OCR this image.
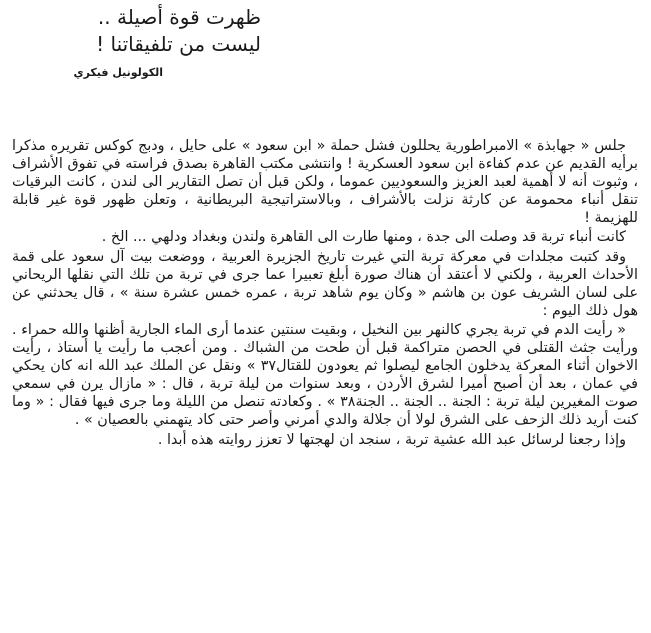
ظهرت قوة أصيلة ..
ليست من تلفيقاتنا !
الكولونيل فيكري

جلس « جهابذة » الامبراطورية يحللون فشل حملة « ابن سعود » على حايل ، ودبج كوكس تقريره مذكرا برأيه القديم عن عدم كفاءة ابن سعود العسكرية ! وانتشى مكتب القاهرة بصدق فراسته في تفوق الأشراف ، وثبوت أنه لا أهمية لعبد العزيز والسعوديين عموما ، ولكن قبل أن تصل التقارير الى لندن ، كانت البرقيات تنقل أنباء محمومة عن كارثة نزلت بالأشراف ، وبالاستراتيجية البريطانية ، وتعلن ظهور قوة غير قابلة للهزيمة !

كانت أنباء تربة قد وصلت الى جدة ، ومنها طارت الى القاهرة ولندن وبغداد ودلهي ... الخ .

وقد كتبت مجلدات في معركة تربة التي غيرت تاريخ الجزيرة العربية ، ووضعت بيت آل سعود على قمة الأحداث العربية ، ولكني لا أعتقد أن هناك صورة أبلغ تعبيرا عما جرى في تربة من تلك التي نقلها الريحاني على لسان الشريف عون بن هاشم « وكان يوم شاهد تربة ، عمره خمس عشرة سنة » ، قال يحدثني عن هول ذلك اليوم :

« رأيت الدم في تربة يجري كالنهر بين النخيل ، وبقيت سنتين عندما أرى الماء الجارية أظنها والله حمراء . ورأيت جثث القتلى في الحصن متراكمة قبل أن طحت من الشباك . ومن أعجب ما رأيت يا أستاذ ، رأيت الاخوان أثناء المعركة يدخلون الجامع ليصلوا ثم يعودون للقتال٣٧ » ونقل عن الملك عبد الله انه كان يحكي في عمان ، بعد أن أصبح أميرا لشرق الأردن ، وبعد سنوات من ليلة تربة ، قال : « مازال يرن في سمعي صوت المغيرين ليلة تربة : الجنة .. الجنة .. الجنة٣٨ » . وكعادته تنصل من الليلة وما جرى فيها فقال : « وما كنت أريد ذلك الزحف على الشرق لولا أن جلالة والدي أمرني وأصر حتى كاد يتهمني بالعصيان » .

وإذا رجعنا لرسائل عبد الله عشية تربة ، سنجد ان لهجتها لا تعزز روايته هذه أبدا .
